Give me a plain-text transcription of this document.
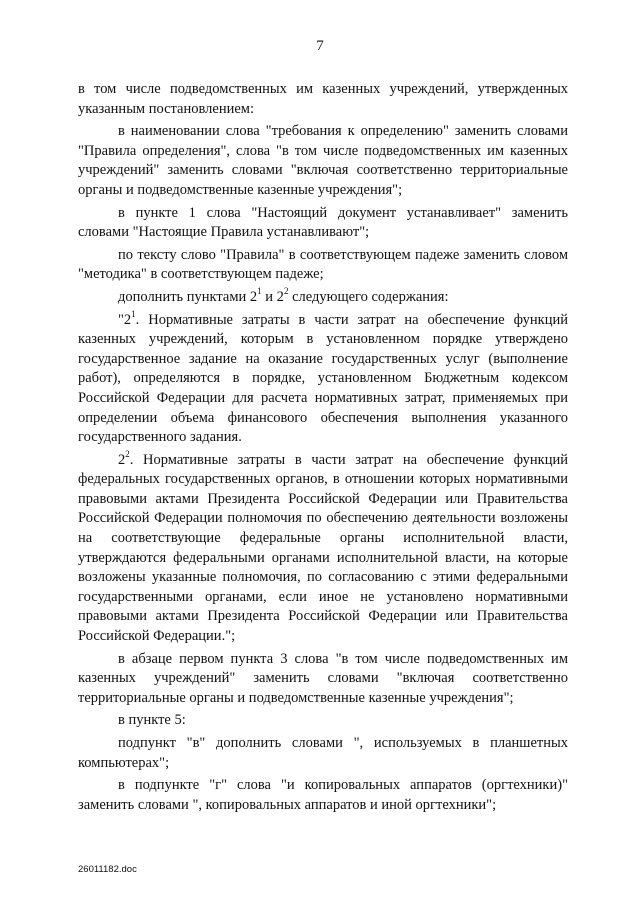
7

в том числе подведомственных им казенных учреждений, утвержденных указанным постановлением:

в наименовании слова "требования к определению" заменить словами "Правила определения", слова "в том числе подведомственных им казенных учреждений" заменить словами "включая соответственно территориальные органы и подведомственные казенные учреждения";

в пункте 1 слова "Настоящий документ устанавливает" заменить словами "Настоящие Правила устанавливают";

по тексту слово "Правила" в соответствующем падеже заменить словом "методика" в соответствующем падеже;

дополнить пунктами $2^1$ и $2^2$ следующего содержания:

"$2^1$. Нормативные затраты в части затрат на обеспечение функций казенных учреждений, которым в установленном порядке утверждено государственное задание на оказание государственных услуг (выполнение работ), определяются в порядке, установленном Бюджетным кодексом Российской Федерации для расчета нормативных затрат, применяемых при определении объема финансового обеспечения выполнения указанного государственного задания.

$2^2$. Нормативные затраты в части затрат на обеспечение функций федеральных государственных органов, в отношении которых нормативными правовыми актами Президента Российской Федерации или Правительства Российской Федерации полномочия по обеспечению деятельности возложены на соответствующие федеральные органы исполнительной власти, утверждаются федеральными органами исполнительной власти, на которые возложены указанные полномочия, по согласованию с этими федеральными государственными органами, если иное не установлено нормативными правовыми актами Президента Российской Федерации или Правительства Российской Федерации.";

в абзаце первом пункта 3 слова "в том числе подведомственных им казенных учреждений" заменить словами "включая соответственно территориальные органы и подведомственные казенные учреждения";

в пункте 5:

подпункт "в" дополнить словами ", используемых в планшетных компьютерах";

в подпункте "г" слова "и копировальных аппаратов (оргтехники)" заменить словами ", копировальных аппаратов и иной оргтехники";

26011182.doc
